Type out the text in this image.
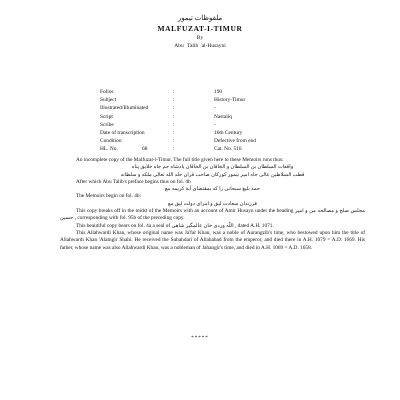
ملفوظات تیمور
MALFUZAT-I-TIMUR
By
Abu Talib al-Husayni
Folios	:	190
Subject	:	History-Timur
Illustrated/Illuminated	:	-
Script	:	Nastaliq
Scribe	:	-
Date of transcription	:	16th Century
Condition	:	Defective from end
HL. No.	68	:	Cat. No. 516

An incomplete copy of the Malfuzat-i-Timur. The full title given here to these Memoirs runs thus:

واقعات السلطان بن السلطان و الخاقان بن الخاقان پادشاه جم جاه خلایق پناه

قطب السلاطین عالی جاه امیر تیمور کورکان صاحب قران خلد الله تعالی ملکه و سلطانه

After which Abu Talib's preface begins thus on fol. 4b

حمد بلیغ سبحانی را که بمقتضای آیهٔ کریمه مع

The Memoirs begin on fol. 4b:

فرزندان سعادت لیق و امرای دولت لیق مع

This copy breaks off in the midst of the Memoirs with an account of Amir Husayn under the heading مجلس صلح و مصالحه من و امیر حسین , corresponding with fol. 95b of the preceding copy.

This beautiful copy bears on fol. 4a a seal of اللّه وردی خان عالمگیر شاهی , dated A.H. 1071.

This Allahwardi Khan, whose original name was Ja'far Khan, was a noble of Aurangzib's time, who bestowed upon him the title of Allahwardi Khan 'Alamgir Shahi. He received the Subahdari of Allahabad from the emperor, and died there in A.H. 1079 = A.D. 1669. His father, whose name was also Allahwardi Khan, was a nobleman of Jahangir's time, and died in A.H. 1069 = A.D. 1658.

*****
